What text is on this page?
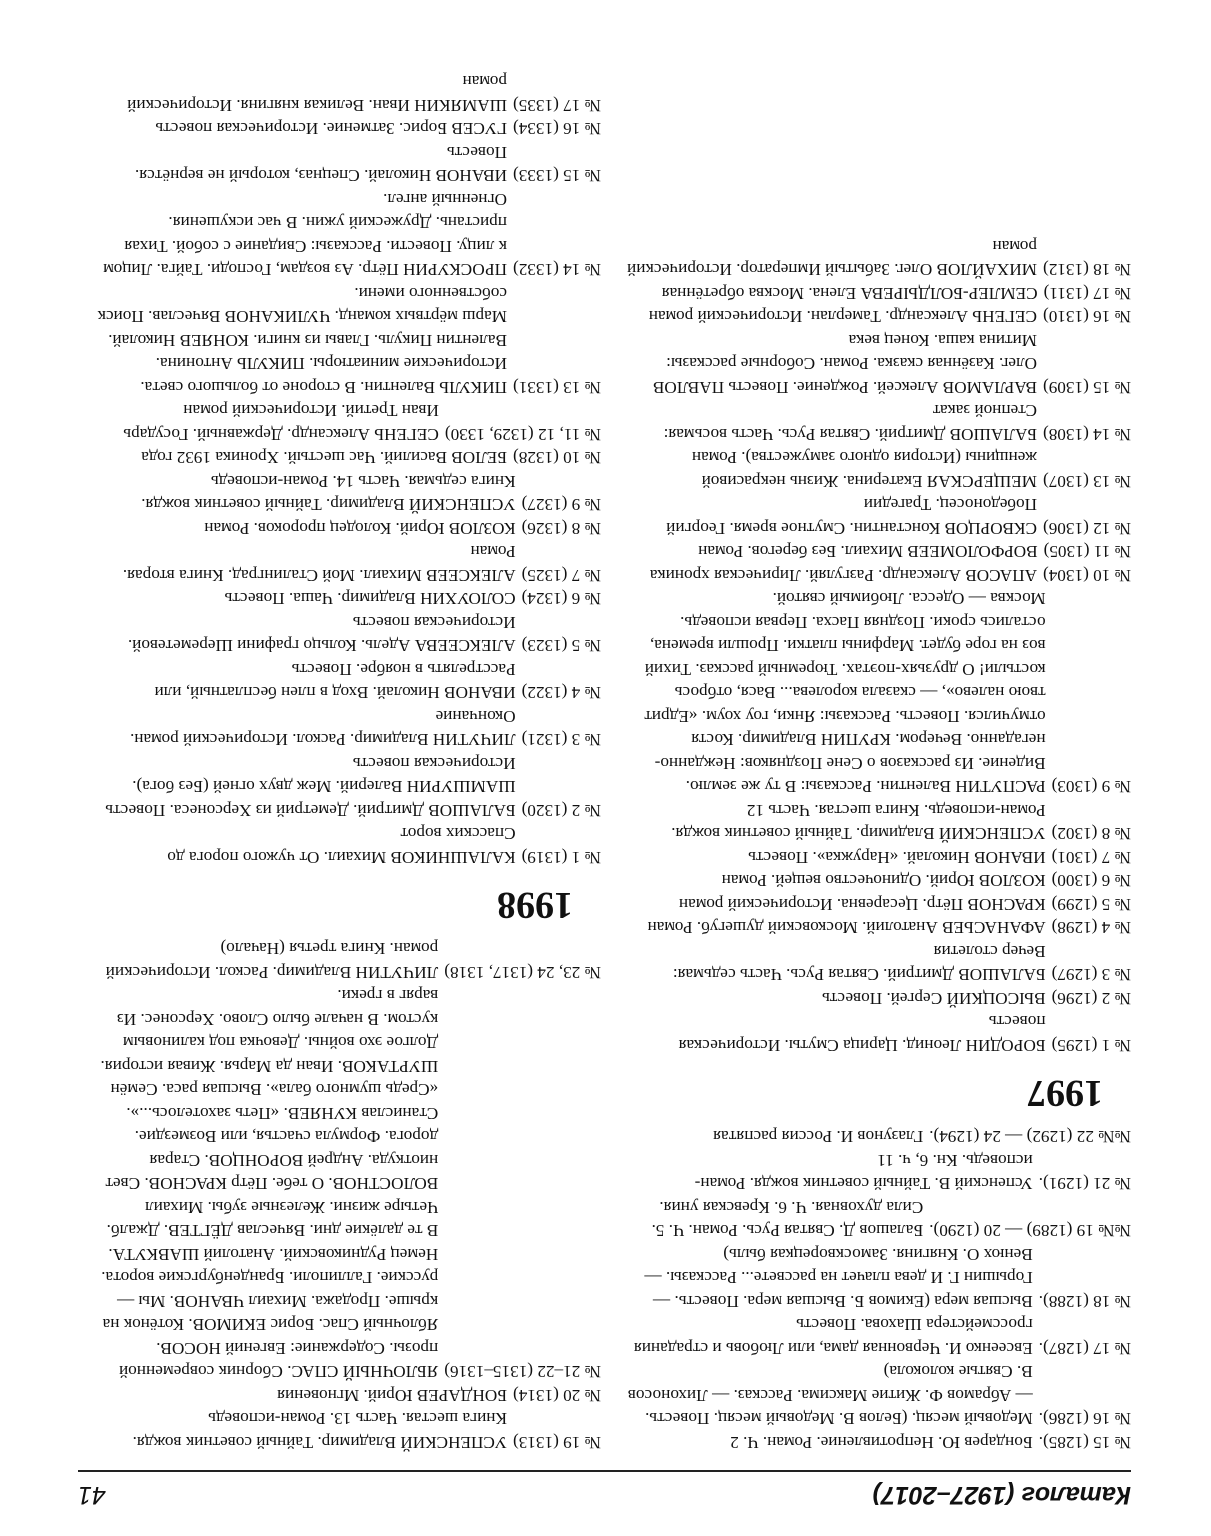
Каталог (1927–2017)
41
№ 15 (1285).
Бондарев Ю. Непротивление. Роман. Ч. 2
№ 16 (1286).
Медовый месяц. (Белов В. Медовый месяц. Повесть. — Абрамов Ф. Житие Максима. Рассказ. — Лихоносов В. Святые колокола)
№ 17 (1287).
Евсеенко И. Червонная дама, или Любовь и страдания гроссмейстера Шахова. Повесть
№ 18 (1288).
Высшая мера (Екимов Б. Высшая мера. Повесть. — Горышин Г. И дева плачет на рассвете... Рассказы. — Венюх О. Княгиня. Замоскворецкая быль)
№№ 19 (1289) — 20 (1290).
Балашов Д. Святая Русь. Роман. Ч. 5. Сила духовная. Ч. 6. Кревская уния.
№ 21 (1291).
Успенский В. Тайный советник вождя. Роман-исповедь. Кн. 6, ч. 11
№№ 22 (1292) — 24 (1294).
Глазунов И. Россия распятая
1997
№ 1 (1295)
БОРОДИН Леонид. Царица Смуты. Историческая повесть
№ 2 (1296)
ВЫСОЦКИЙ Сергей. Повесть
№ 3 (1297)
БАЛАШОВ Дмитрий. Святая Русь. Часть седьмая: Вечер столетия
№ 4 (1298)
АФАНАСЬЕВ Анатолий. Московский душегуб. Роман
№ 5 (1299)
КРАСНОВ Пётр. Цесаревна. Исторический роман
№ 6 (1300)
КОЗЛОВ Юрий. Одиночество вещей. Роман
№ 7 (1301)
ИВАНОВ Николай. «Наружка». Повесть
№ 8 (1302)
УСПЕНСКИЙ Владимир. Тайный советник вождя. Роман-исповедь. Книга шестая. Часть 12
№ 9 (1303)
РАСПУТИН Валентин. Рассказы: В ту же землю. Видение. Из рассказов о Сене Поздняков: Нежданно-негаданно. Вечером. КРУПИН Владимир. Костя отмучился. Повесть. Рассказы: Янки, гоу хоум. «Едрит твою налево», — сказала королева... Вася, отбрось костыли! О друзьях-поэтах. Тюремный рассказ. Тихий воз на горе будет. Марфины платки. Прошли времена, остались сроки. Поздняя Пасха. Первая исповедь. Москва — Одесса. Любимый святой.
№ 10 (1304)
АПАСОВ Александр. Разгуляй. Лирическая хроника
№ 11 (1305)
ВОРФОЛОМЕЕВ Михаил. Без берегов. Роман
№ 12 (1306)
СКВОРЦОВ Константин. Смутное время. Георгий Победоносец. Трагедии
№ 13 (1307)
МЕЩЕРСКАЯ Екатерина. Жизнь некрасивой женщины (История одного замужества). Роман
№ 14 (1308)
БАЛАШОВ Дмитрий. Святая Русь. Часть восьмая: Степной закат
№ 15 (1309)
ВАРЛАМОВ Алексей. Рождение. Повесть ПАВЛОВ Олег. Казённая сказка. Роман. Соборные рассказы: Митина каша. Конец века
№ 16 (1310)
СЕГЕНЬ Александр. Тамерлан. Исторический роман
№ 17 (1311)
СЕМЛЕР-БОЛДЫРЕВА Елена. Москва обретённая
№ 18 (1312)
МИХАЙЛОВ Олег. Забытый Император. Исторический роман
№ 19 (1313)
УСПЕНСКИЙ Владимир. Тайный советник вождя. Книга шестая. Часть 13. Роман-исповедь
№ 20 (1314)
БОНДАРЕВ Юрий. Мгновения
№ 21–22 (1315–1316)
ЯБЛОЧНЫЙ СПАС. Сборник современной прозы. Содержание: Евгений НОСОВ. Яблочный Спас. Борис ЕКИМОВ. Котёнок на крыше. Продажа. Михаил ЧВАНОВ. Мы — русские. Галлиполи. Бранденбургские ворота. Немец Рудниковский. Анатолий ШАВКУТА. В те далёкие дни. Вячеслав ДЁГТЕВ. Джалб. Четыре жизни. Железные зубы. Михаил ВОЛОСТНОВ. О тебе. Пётр КРАСНОВ. Свет ниоткуда. Андрей ВОРОНЦОВ. Старая дорога. Формула счастья, или Возмездие. Станислав КУНЯЕВ. «Петь захотелось...». «Средь шумного бала». Высшая раса. Семён ШУРТАКОВ. Иван да Марья. Живая история. Долгое эхо войны. Девочка под калиновым кустом. В начале было Слово. Херсонес. Из варяг в греки.
№ 23, 24 (1317, 1318)
ЛИЧУТИН Владимир. Раскол. Исторический роман. Книга третья (Начало)
1998
№ 1 (1319)
КАЛАШНИКОВ Михаил. От чужого порога до Спасских ворот
№ 2 (1320)
БАЛАШОВ Дмитрий. Деметрий из Херсонеса. Повесть ШАМШУРИН Валерий. Меж двух огней (Без бога). Историческая повесть
№ 3 (1321)
ЛИЧУТИН Владимир. Раскол. Исторический роман. Окончание
№ 4 (1322)
ИВАНОВ Николай. Вход в плен бесплатный, или Расстрелять в ноябре. Повесть
№ 5 (1323)
АЛЕКСЕЕВА Адель. Кольцо графини Шереметевой. Историческая повесть
№ 6 (1324)
СОЛОУХИН Владимир. Чаша. Повесть
№ 7 (1325)
АЛЕКСЕЕВ Михаил. Мой Сталинград. Книга вторая. Роман
№ 8 (1326)
КОЗЛОВ Юрий. Колодец пророков. Роман
№ 9 (1327)
УСПЕНСКИЙ Владимир. Тайный советник вождя. Книга седьмая. Часть 14. Роман-исповедь
№ 10 (1328)
БЕЛОВ Василий. Час шестый. Хроника 1932 года
№ 11, 12 (1329, 1330)
СЕГЕНЬ Александр. Державный. Государь Иван Третий. Исторический роман
№ 13 (1331)
ПИКУЛЬ Валентин. В стороне от большого света. Исторические миниатюры. ПИКУЛЬ Антонина. Валентин Пикуль. Главы из книги. КОНЯЕВ Николай. Марш мёртвых команд. ЧУЛИКАНОВ Вячеслав. Поиск собственного имени.
№ 14 (1332)
ПРОСКУРИН Пётр. Аз воздам, Господи. Тайга. Лицом к лицу. Повести. Рассказы: Свидание с собой. Тихая пристань. Дружеский ужин. В час искушения. Огненный ангел.
№ 15 (1333)
ИВАНОВ Николай. Спецназ, который не вернётся. Повесть
№ 16 (1334)
ГУСЕВ Борис. Затмение. Историческая повесть
№ 17 (1335)
ШАМЯКИН Иван. Великая княгиня. Исторический роман
